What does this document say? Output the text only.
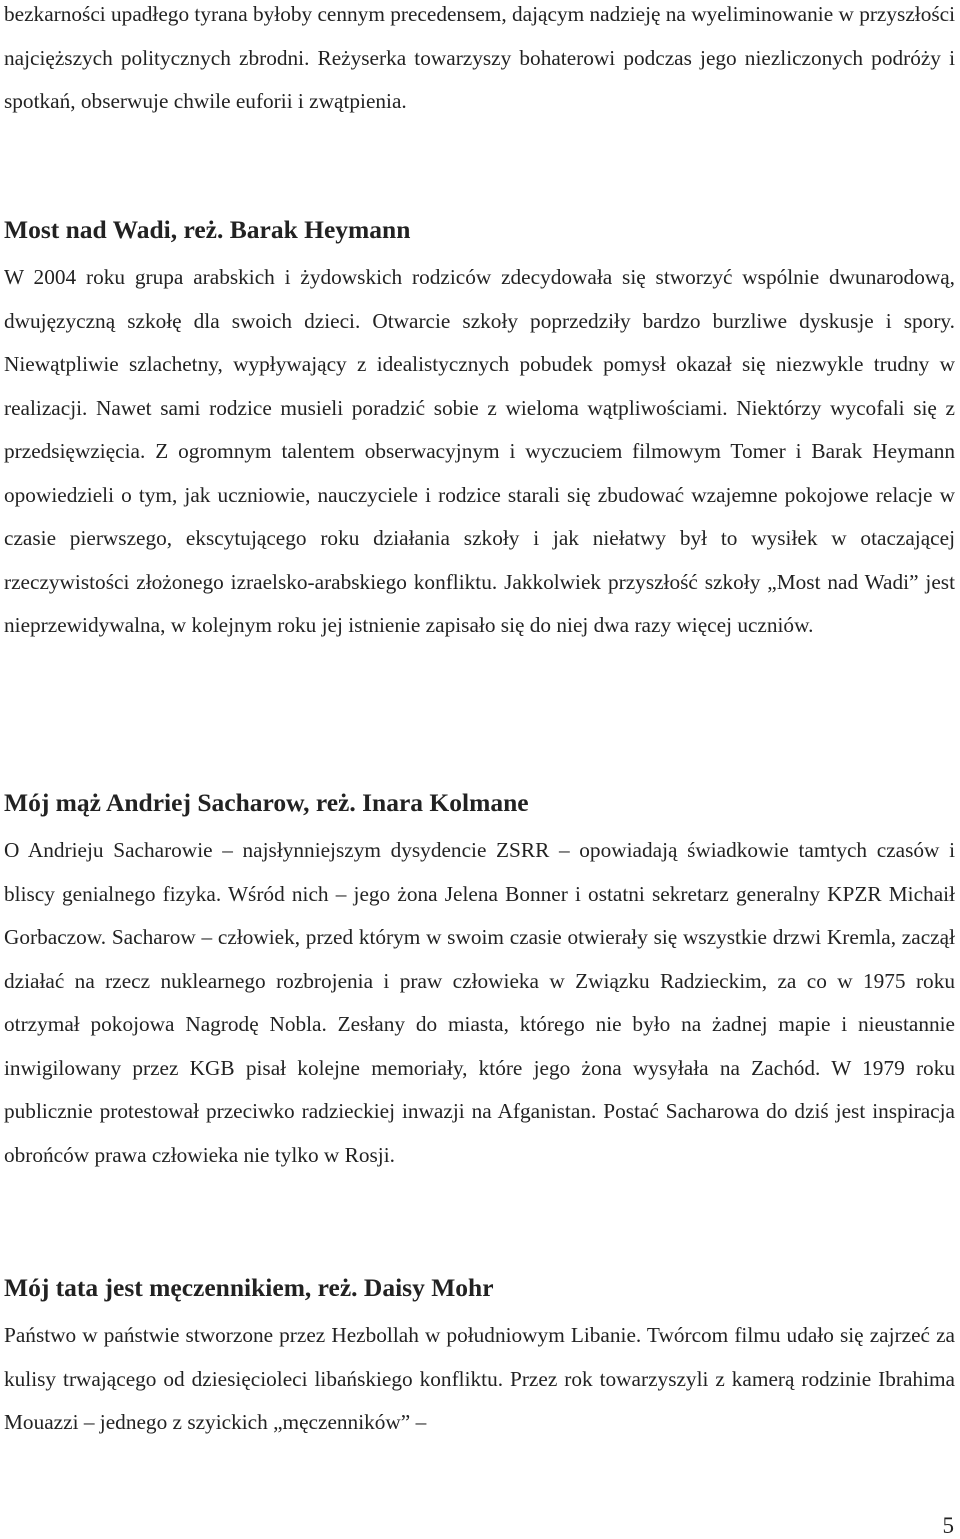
bezkarności upadłego tyrana byłoby cennym precedensem, dającym nadzieję na wyeliminowanie w przyszłości najcięższych politycznych zbrodni. Reżyserka towarzyszy bohaterowi podczas jego niezliczonych podróży i spotkań, obserwuje chwile euforii i zwątpienia.

Most nad Wadi, reż. Barak Heymann

W 2004 roku grupa arabskich i żydowskich rodziców zdecydowała się stworzyć wspólnie dwunarodową, dwujęzyczną szkołę dla swoich dzieci. Otwarcie szkoły poprzedziły bardzo burzliwe dyskusje i spory. Niewątpliwie szlachetny, wypływający z idealistycznych pobudek pomysł okazał się niezwykle trudny w realizacji. Nawet sami rodzice musieli poradzić sobie z wieloma wątpliwościami. Niektórzy wycofali się z przedsięwzięcia. Z ogromnym talentem obserwacyjnym i wyczuciem filmowym Tomer i Barak Heymann opowiedzieli o tym, jak uczniowie, nauczyciele i rodzice starali się zbudować wzajemne pokojowe relacje w czasie pierwszego, ekscytującego roku działania szkoły i jak niełatwy był to wysiłek w otaczającej rzeczywistości złożonego izraelsko-arabskiego konfliktu. Jakkolwiek przyszłość szkoły „Most nad Wadi” jest nieprzewidywalna, w kolejnym roku jej istnienie zapisało się do niej dwa razy więcej uczniów.

Mój mąż Andriej Sacharow, reż. Inara Kolmane

O Andrieju Sacharowie – najsłynniejszym dysydencie ZSRR – opowiadają świadkowie tamtych czasów i bliscy genialnego fizyka. Wśród nich – jego żona Jelena Bonner i ostatni sekretarz generalny KPZR Michaił Gorbaczow. Sacharow – człowiek, przed którym w swoim czasie otwierały się wszystkie drzwi Kremla, zaczął działać na rzecz nuklearnego rozbrojenia i praw człowieka w Związku Radzieckim, za co w 1975 roku otrzymał pokojowa Nagrodę Nobla. Zesłany do miasta, którego nie było na żadnej mapie i nieustannie inwigilowany przez KGB pisał kolejne memoriały, które jego żona wysyłała na Zachód. W 1979 roku publicznie protestował przeciwko radzieckiej inwazji na Afganistan. Postać Sacharowa do dziś jest inspiracja obrońców prawa człowieka nie tylko w Rosji.

Mój tata jest męczennikiem, reż. Daisy Mohr

Państwo w państwie stworzone przez Hezbollah w południowym Libanie. Twórcom filmu udało się zajrzeć za kulisy trwającego od dziesięcioleci libańskiego konfliktu. Przez rok towarzyszyli z kamerą rodzinie Ibrahima Mouazzi – jednego z szyickich „męczenników” –

5
